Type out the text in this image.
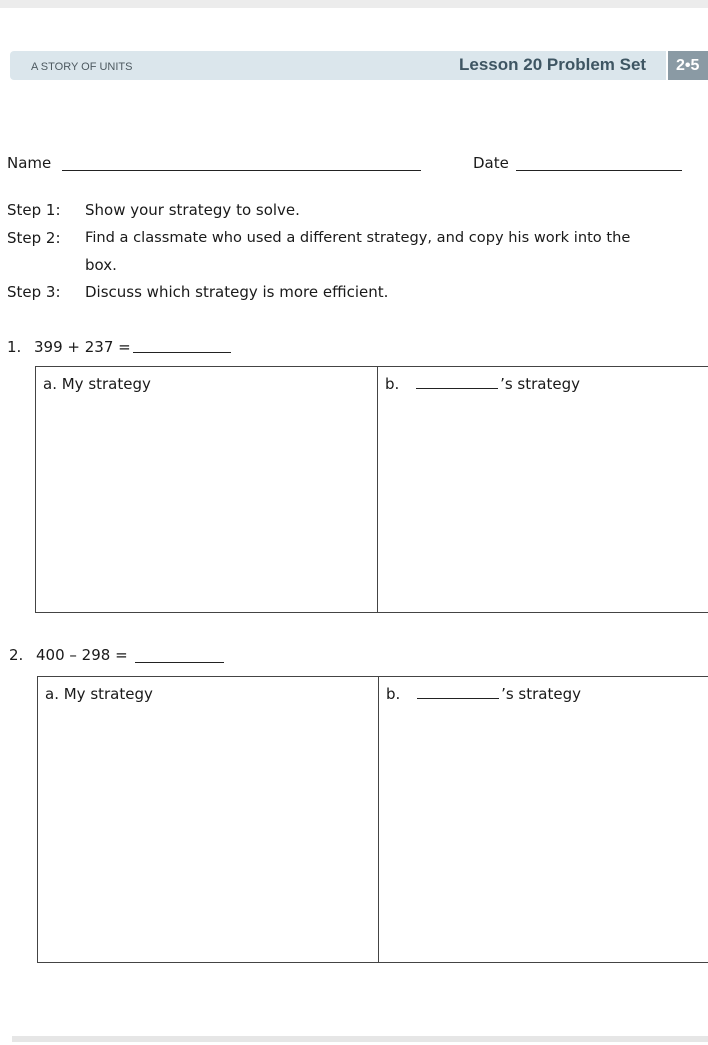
A STORY OF UNITS	Lesson 20 Problem Set	2•5
Name	Date
Step 1: Show your strategy to solve.
Step 2: Find a classmate who used a different strategy, and copy his work into the
box.
Step 3: Discuss which strategy is more efficient.
1. 399 + 237 =
a. My strategy	b.	’s strategy
2. 400 – 298 =
a. My strategy	b.	’s strategy
